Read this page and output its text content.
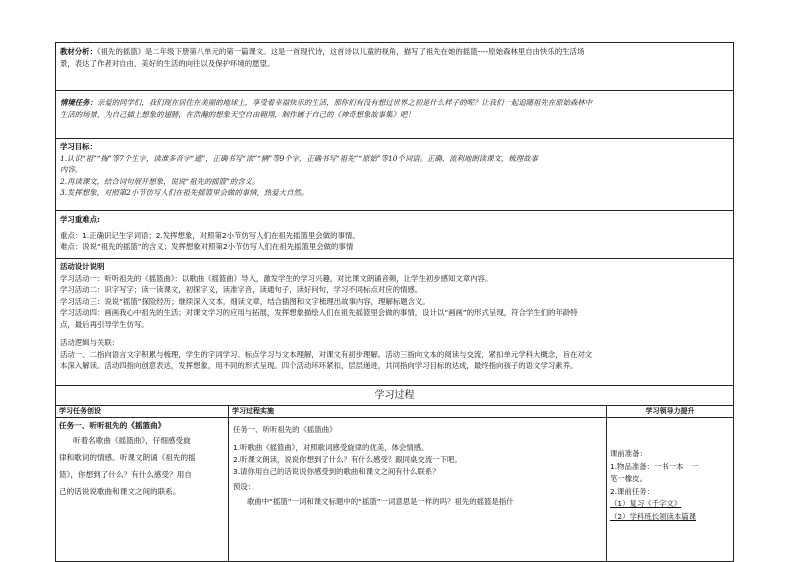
教材分析：《祖先的摇篮》是二年级下册第八单元的第一篇课文。这是一首现代诗，这首诗以儿童的视角，描写了祖先在她的摇篮----原始森林里自由快乐的生活场

景，表达了作者对自由、美好的生活的向往以及保护环境的愿望。

情境任务：亲爱的同学们，我们现在居住在美丽的地球上，享受着幸福快乐的生活，那你们有没有想过世界之初是什么样子的呢？让我们一起追随祖先在原始森林中

生活的场景，为自己插上想象的翅膀，在浩瀚的想象天空自由翱翔，制作属于自己的《神奇想象故事集》吧！

学习目标：

1.认识“祖”“掏”等7个生字，读准多音字“遮”，正确书写“浓”“辆”等9个字，正确书写“祖先”“原始”等10个词语。正确、流利地朗读课文，梳理故事

内容。

2.再读课文，结合词句展开想象，说说“祖先的摇篮”的含义。

3.发挥想象，对照第2小节仿写人们在祖先摇篮里会做的事情，热爱大自然。

学习重难点:

重点：1.正确识记生字词语；2.发挥想象，对照第2小节仿写人们在祖先摇篮里会做的事情。

难点：说说“祖先的摇篮”的含义；发挥想象对照第2小节仿写人们在祖先摇篮里会做的事情

活动设计说明

学习活动一：听听祖先的《摇篮曲》：以歌曲《摇篮曲》导入，激发学生的学习兴趣，对比课文朗诵音频，让学生初步感知文章内容。

学习活动二：识字写字；读一读课文，初探字义，读准字音，读通句子，读好问句，学习不同标点对应的情感。

学习活动三：说说“摇篮”探险经历；继续深入文本，细读文章，结合插图和文字梳理出故事内容，理解标题含义。

学习活动四：画画我心中祖先的生活；对课文学习的应用与拓展，发挥想象描绘人们在祖先摇篮里会做的事情，设计以“画画”的形式呈现，符合学生们的年龄特

点，最后再引导学生仿写。

活动逻辑与关联：

活动一、二指向语言文字积累与梳理，学生的字词学习、标点学习与文本理解，对课文有初步理解。活动三指向文本的阅读与交流，紧扣单元学科大概念，旨在对文

本深入解读。活动四指向创意表达，发挥想象，用不同的形式呈现。四个活动环环紧扣，层层递进，共同指向学习目标的达成，最终指向孩子的语文学习素养。

学习过程
学习任务创设

任务一、听听祖先的《摇篮曲》

听着名歌曲《摇篮曲》，仔细感受旋

律和歌词的情感。听课文朗诵《祖先的摇

篮》，你想到了什么？有什么感受？用自

己的话说说歌曲和课文之间的联系。

学习过程实施

任务一、听听祖先的《摇篮曲》

1.听歌曲《摇篮曲》，对照歌词感受旋律的优美，体会情感。

2.听课文朗读，说说你想到了什么？有什么感受？跟同桌交流一下吧。

3.请你用自己的话说说你感受到的歌曲和课文之间有什么联系？

预设：

歌曲中“摇篮”一词和课文标题中的“摇篮”一词意思是一样的吗？祖先的摇篮是指什

学习领导力提升

课前准备：

1.物品准备：一书一本　一

笔一橡皮。

2.课前任务：

（1）复习《千字文》

（2）学科班长领读本篇课
